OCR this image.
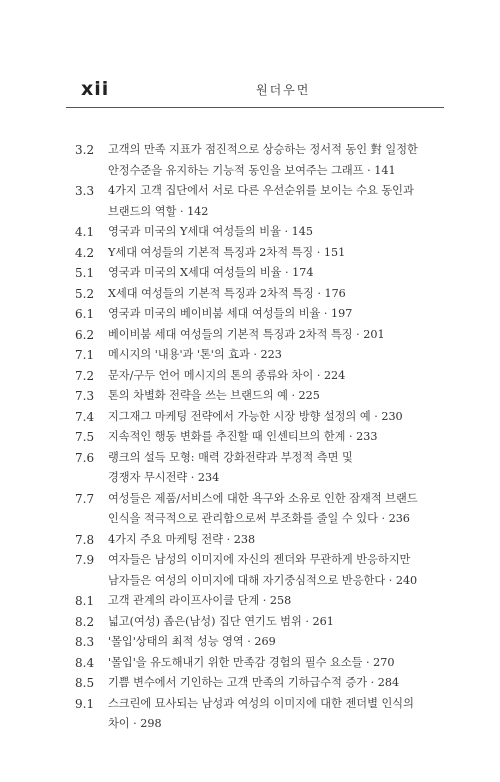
xii	원더우먼
3.2 고객의 만족 지표가 점진적으로 상승하는 정서적 동인 對 일정한
안정수준을 유지하는 기능적 동인을 보여주는 그래프 · 141
3.3 4가지 고객 집단에서 서로 다른 우선순위를 보이는 수요 동인과
브랜드의 역할 · 142
4.1 영국과 미국의 Y세대 여성들의 비율 · 145
4.2 Y세대 여성들의 기본적 특징과 2차적 특징 · 151
5.1 영국과 미국의 X세대 여성들의 비율 · 174
5.2 X세대 여성들의 기본적 특징과 2차적 특징 · 176
6.1 영국과 미국의 베이비붐 세대 여성들의 비율 · 197
6.2 베이비붐 세대 여성들의 기본적 특징과 2차적 특징 · 201
7.1 메시지의 '내용'과 '톤'의 효과 · 223
7.2 문자/구두 언어 메시지의 톤의 종류와 차이 · 224
7.3 톤의 차별화 전략을 쓰는 브랜드의 예 · 225
7.4 지그재그 마케팅 전략에서 가능한 시장 방향 설정의 예 · 230
7.5 지속적인 행동 변화를 추진할 때 인센티브의 한계 · 233
7.6 랭크의 설득 모형: 매력 강화전략과 부정적 측면 및
경쟁자 무시전략 · 234
7.7 여성들은 제품/서비스에 대한 욕구와 소유로 인한 잠재적 브랜드
인식을 적극적으로 관리함으로써 부조화를 줄일 수 있다 · 236
7.8 4가지 주요 마케팅 전략 · 238
7.9 여자들은 남성의 이미지에 자신의 젠더와 무관하게 반응하지만
남자들은 여성의 이미지에 대해 자기중심적으로 반응한다 · 240
8.1 고객 관계의 라이프사이클 단계 · 258
8.2 넓고(여성) 좁은(남성) 집단 연기도 범위 · 261
8.3 '몰입'상태의 최적 성능 영역 · 269
8.4 '몰입'을 유도해내기 위한 만족감 경험의 필수 요소들 · 270
8.5 기쁨 변수에서 기인하는 고객 만족의 기하급수적 증가 · 284
9.1 스크린에 묘사되는 남성과 여성의 이미지에 대한 젠더별 인식의
차이 · 298
